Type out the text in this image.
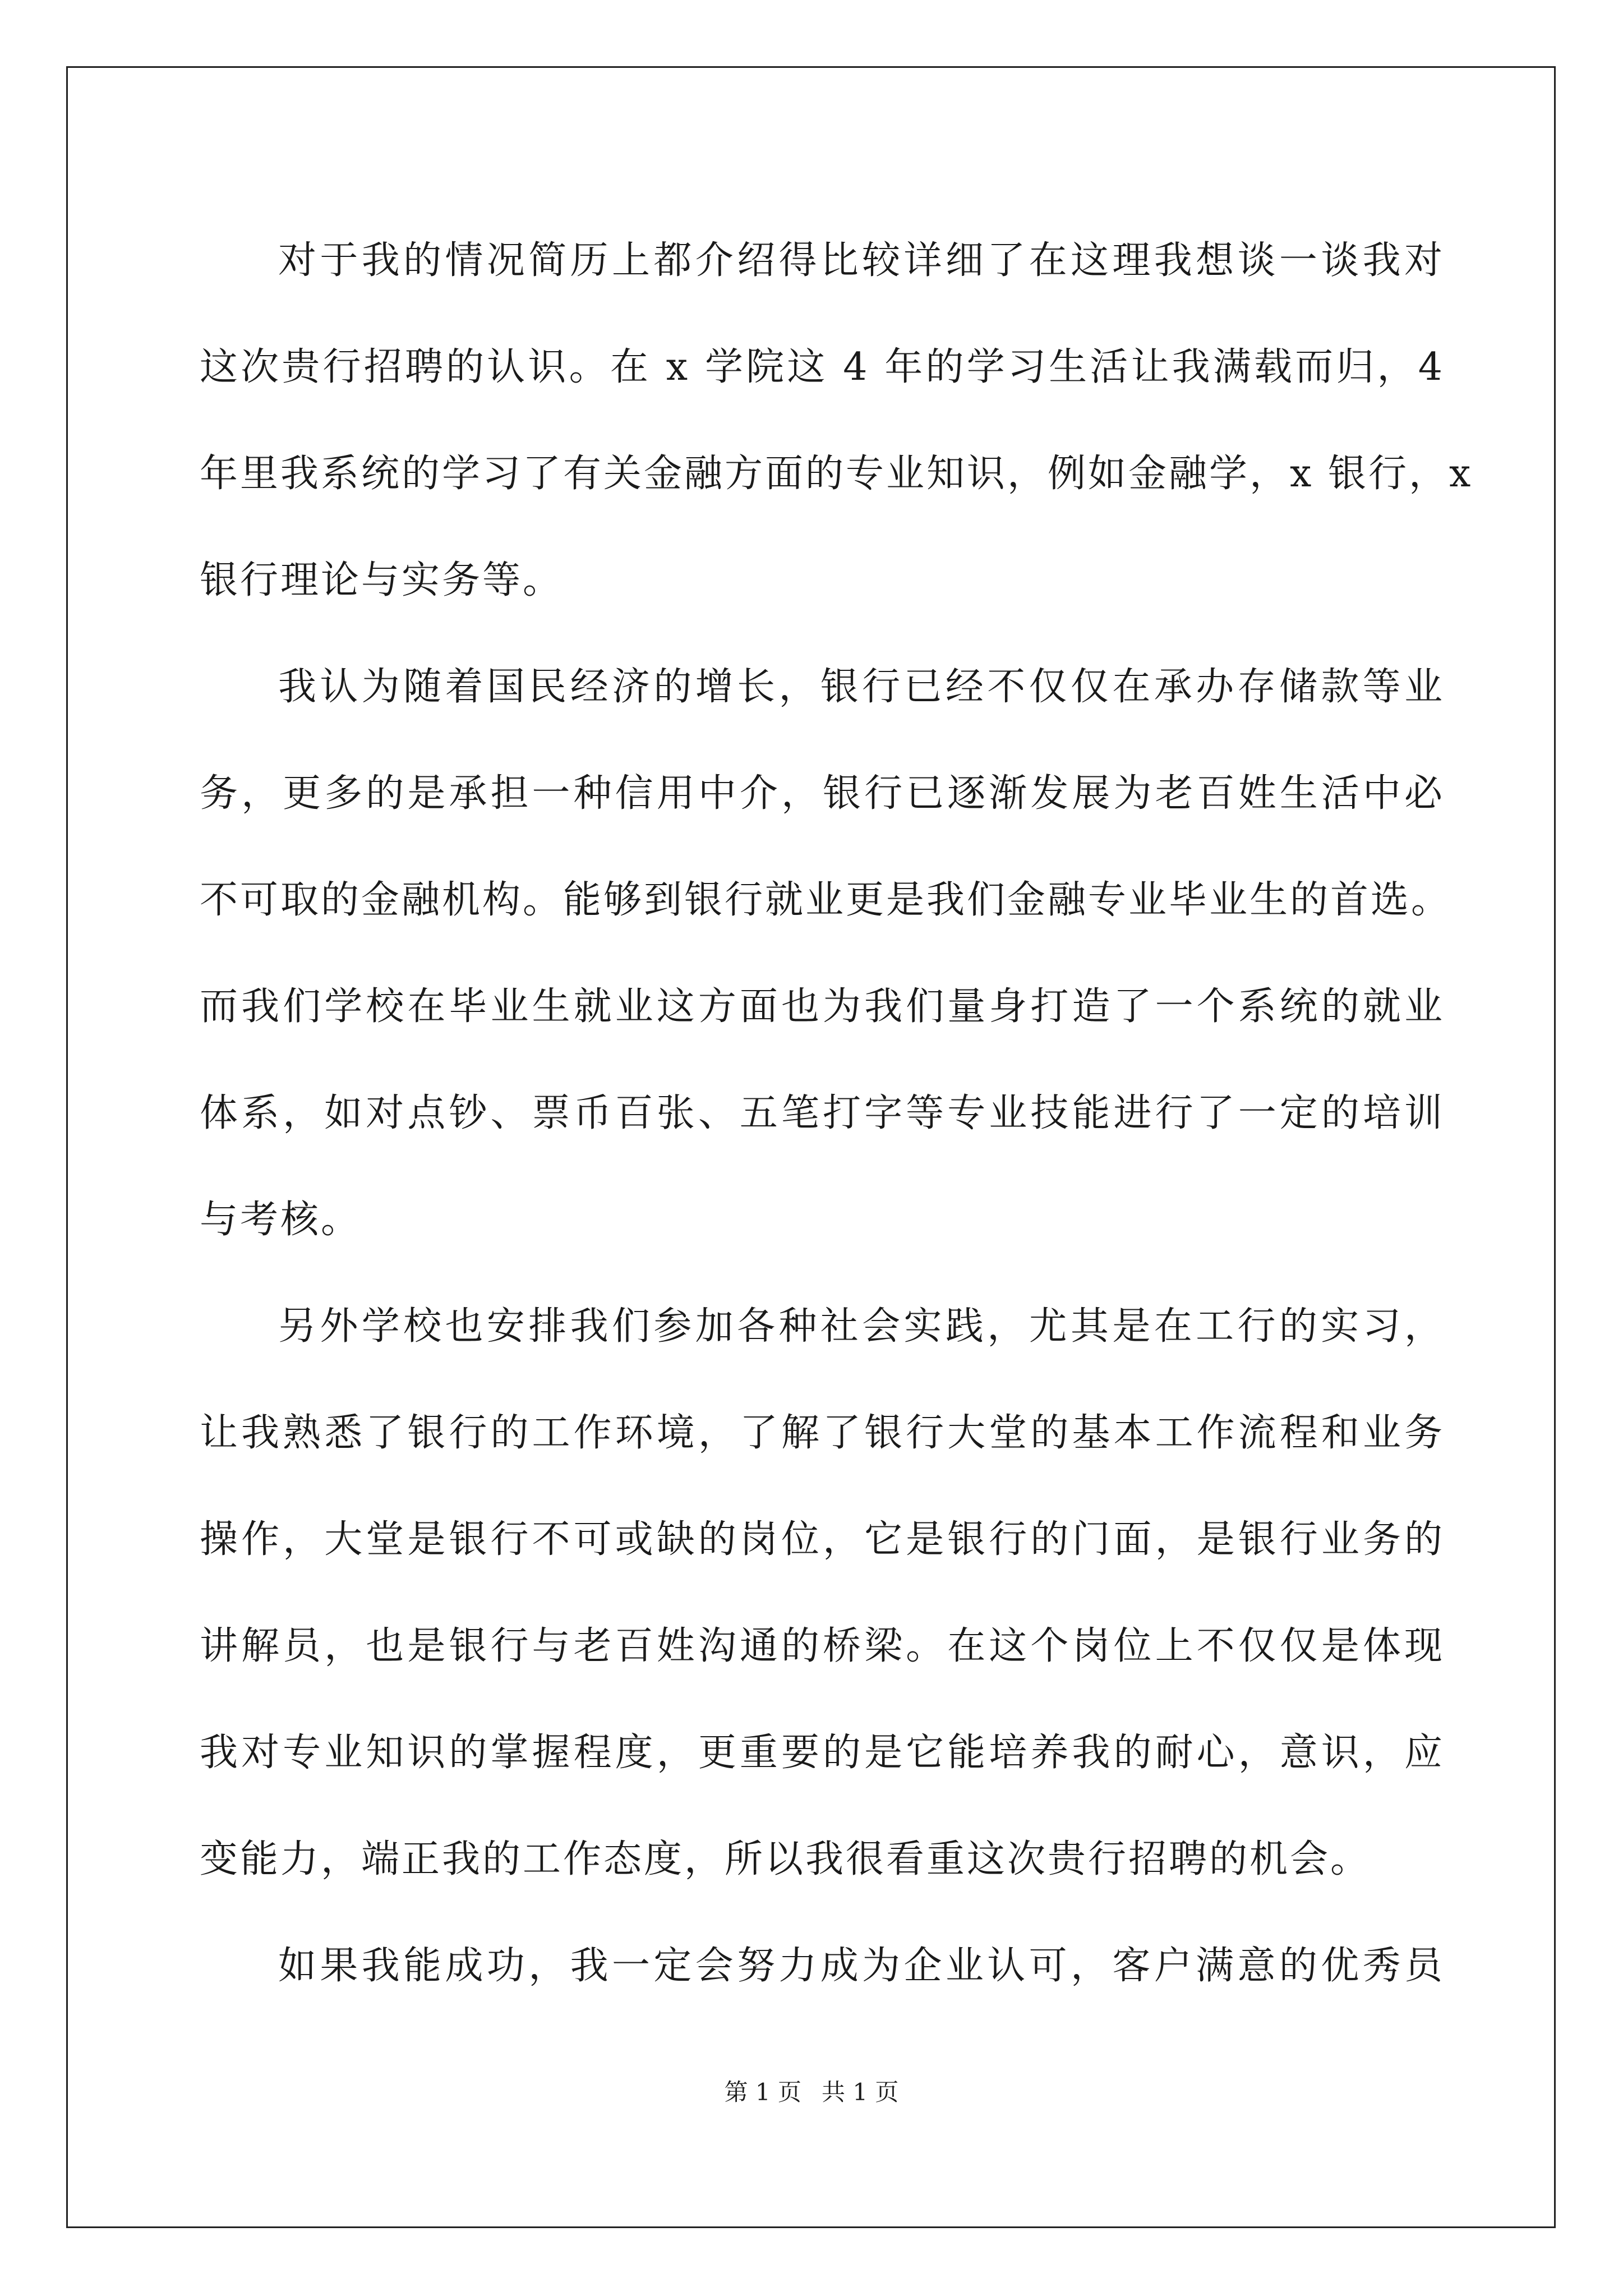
对于我的情况简历上都介绍得比较详细了在这理我想谈一谈我对
这次贵行招聘的认识。在 x 学院这 4 年的学习生活让我满载而归，4
年里我系统的学习了有关金融方面的专业知识，例如金融学，x 银行，x
银行理论与实务等。
我认为随着国民经济的增长，银行已经不仅仅在承办存储款等业
务，更多的是承担一种信用中介，银行已逐渐发展为老百姓生活中必
不可取的金融机构。能够到银行就业更是我们金融专业毕业生的首选。
而我们学校在毕业生就业这方面也为我们量身打造了一个系统的就业
体系，如对点钞、票币百张、五笔打字等专业技能进行了一定的培训
与考核。
另外学校也安排我们参加各种社会实践，尤其是在工行的实习，
让我熟悉了银行的工作环境，了解了银行大堂的基本工作流程和业务
操作，大堂是银行不可或缺的岗位，它是银行的门面，是银行业务的
讲解员，也是银行与老百姓沟通的桥梁。在这个岗位上不仅仅是体现
我对专业知识的掌握程度，更重要的是它能培养我的耐心，意识，应
变能力，端正我的工作态度，所以我很看重这次贵行招聘的机会。
如果我能成功，我一定会努力成为企业认可，客户满意的优秀员
第 1 页 共 1 页
